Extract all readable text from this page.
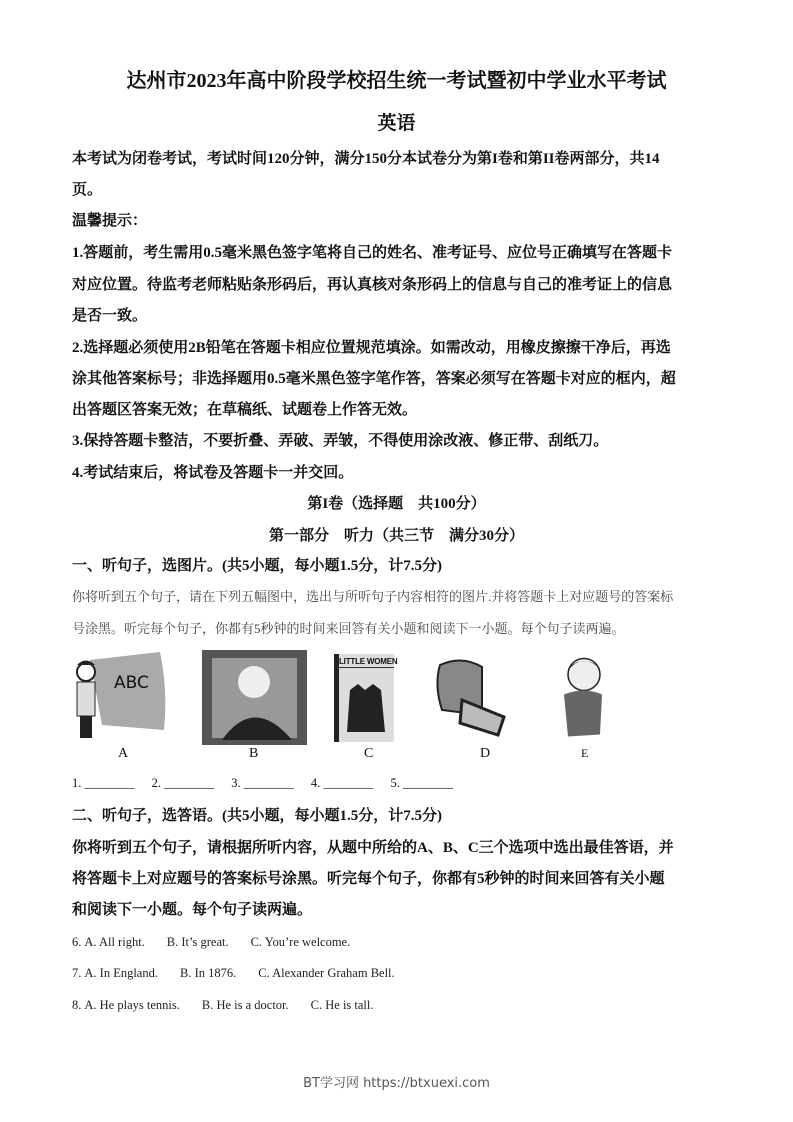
达州市2023年高中阶段学校招生统一考试暨初中学业水平考试
英语
本考试为闭卷考试，考试时间120分钟，满分150分本试卷分为第I卷和第II卷两部分，共14
页。
温馨提示：
1.答题前，考生需用0.5毫米黑色签字笔将自己的姓名、准考证号、应位号正确填写在答题卡
对应位置。待监考老师粘贴条形码后，再认真核对条形码上的信息与自己的准考证上的信息
是否一致。
2.选择题必须使用2B铅笔在答题卡相应位置规范填涂。如需改动，用橡皮擦擦干净后，再选
涂其他答案标号；非选择题用0.5毫米黑色签字笔作答，答案必须写在答题卡对应的框内，超
出答题区答案无效；在草稿纸、试题卷上作答无效。
3.保持答题卡整洁，不要折叠、弄破、弄皱，不得使用涂改液、修正带、刮纸刀。
4.考试结束后，将试卷及答题卡一并交回。
第I卷（选择题　共100分）
第一部分　听力（共三节　满分30分）
一、听句子，选图片。(共5小题，每小题1.5分，计7.5分)
你将听到五个句子，请在下列五幅图中，选出与所听句子内容相符的图片.并将答题卡上对应题号的答案标
号涂黑。听完每个句子，你都有5秒钟的时间来回答有关小题和阅读下一小题。每个句子读两遍。
ABC
LITTLE WOMEN
A	B	C	D	E
1. ________ 2. ________ 3. ________ 4. ________ 5. ________
二、听句子，选答语。(共5小题，每小题1.5分，计7.5分)
你将听到五个句子，请根据所听内容，从题中所给的A、B、C三个选项中选出最佳答语，并
将答题卡上对应题号的答案标号涂黑。听完每个句子，你都有5秒钟的时间来回答有关小题
和阅读下一小题。每个句子读两遍。
6. A. All right. B. It’s great. C. You’re welcome.
7. A. In England. B. In 1876. C. Alexander Graham Bell.
8. A. He plays tennis. B. He is a doctor. C. He is tall.
BT学习网 https://btxuexi.com
